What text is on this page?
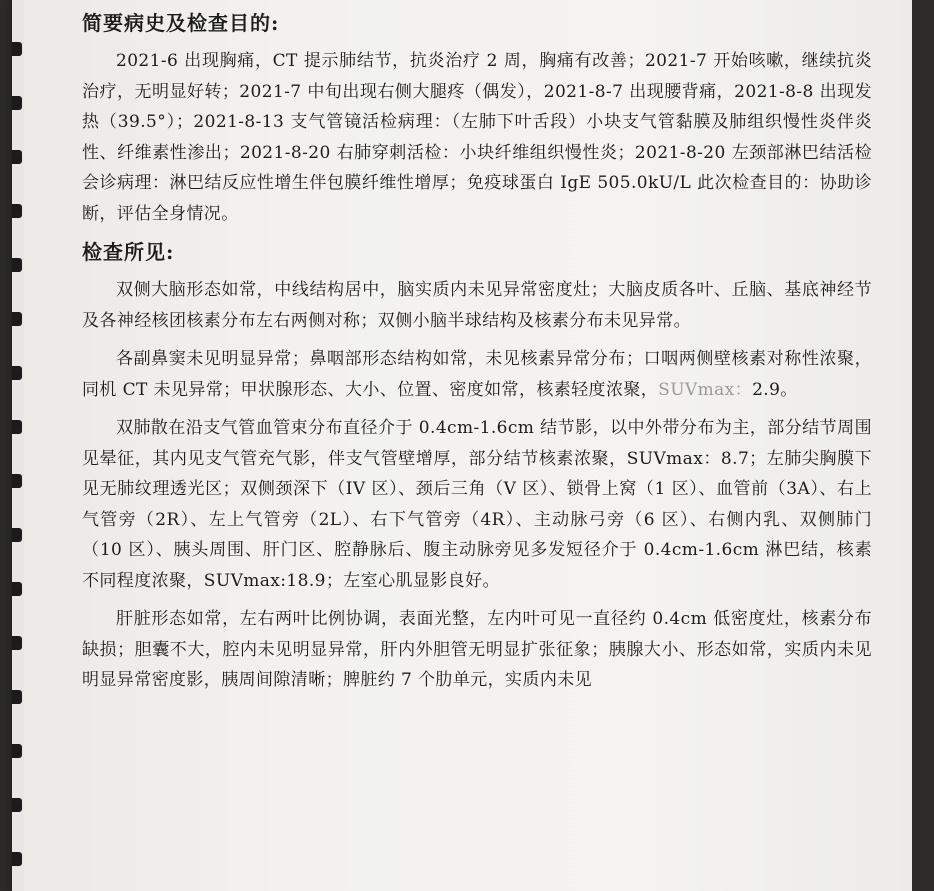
简要病史及检查目的:

2021-6 出现胸痛，CT 提示肺结节，抗炎治疗 2 周，胸痛有改善；2021-7 开始咳嗽，继续抗炎治疗，无明显好转；2021-7 中旬出现右侧大腿疼（偶发），2021-8-7 出现腰背痛，2021-8-8 出现发热（39.5°）；2021-8-13 支气管镜活检病理：（左肺下叶舌段）小块支气管黏膜及肺组织慢性炎伴炎性、纤维素性渗出；2021-8-20 右肺穿刺活检：小块纤维组织慢性炎；2021-8-20 左颈部淋巴结活检会诊病理：淋巴结反应性增生伴包膜纤维性增厚；免疫球蛋白 IgE 505.0kU/L 此次检查目的：协助诊断，评估全身情况。

检查所见:

双侧大脑形态如常，中线结构居中，脑实质内未见异常密度灶；大脑皮质各叶、丘脑、基底神经节及各神经核团核素分布左右两侧对称；双侧小脑半球结构及核素分布未见异常。

各副鼻窦未见明显异常；鼻咽部形态结构如常，未见核素异常分布；口咽两侧壁核素对称性浓聚，同机 CT 未见异常；甲状腺形态、大小、位置、密度如常，核素轻度浓聚，SUVmax：2.9。

双肺散在沿支气管血管束分布直径介于 0.4cm-1.6cm 结节影，以中外带分布为主，部分结节周围见晕征，其内见支气管充气影，伴支气管壁增厚，部分结节核素浓聚，SUVmax：8.7；左肺尖胸膜下见无肺纹理透光区；双侧颈深下（IV 区）、颈后三角（V 区）、锁骨上窝（1 区）、血管前（3A）、右上气管旁（2R）、左上气管旁（2L）、右下气管旁（4R）、主动脉弓旁（6 区）、右侧内乳、双侧肺门（10 区）、胰头周围、肝门区、腔静脉后、腹主动脉旁见多发短径介于 0.4cm-1.6cm 淋巴结，核素不同程度浓聚，SUVmax:18.9；左室心肌显影良好。

肝脏形态如常，左右两叶比例协调，表面光整，左内叶可见一直径约 0.4cm 低密度灶，核素分布缺损；胆囊不大，腔内未见明显异常，肝内外胆管无明显扩张征象；胰腺大小、形态如常，实质内未见明显异常密度影，胰周间隙清晰；脾脏约 7 个肋单元，实质内未见
